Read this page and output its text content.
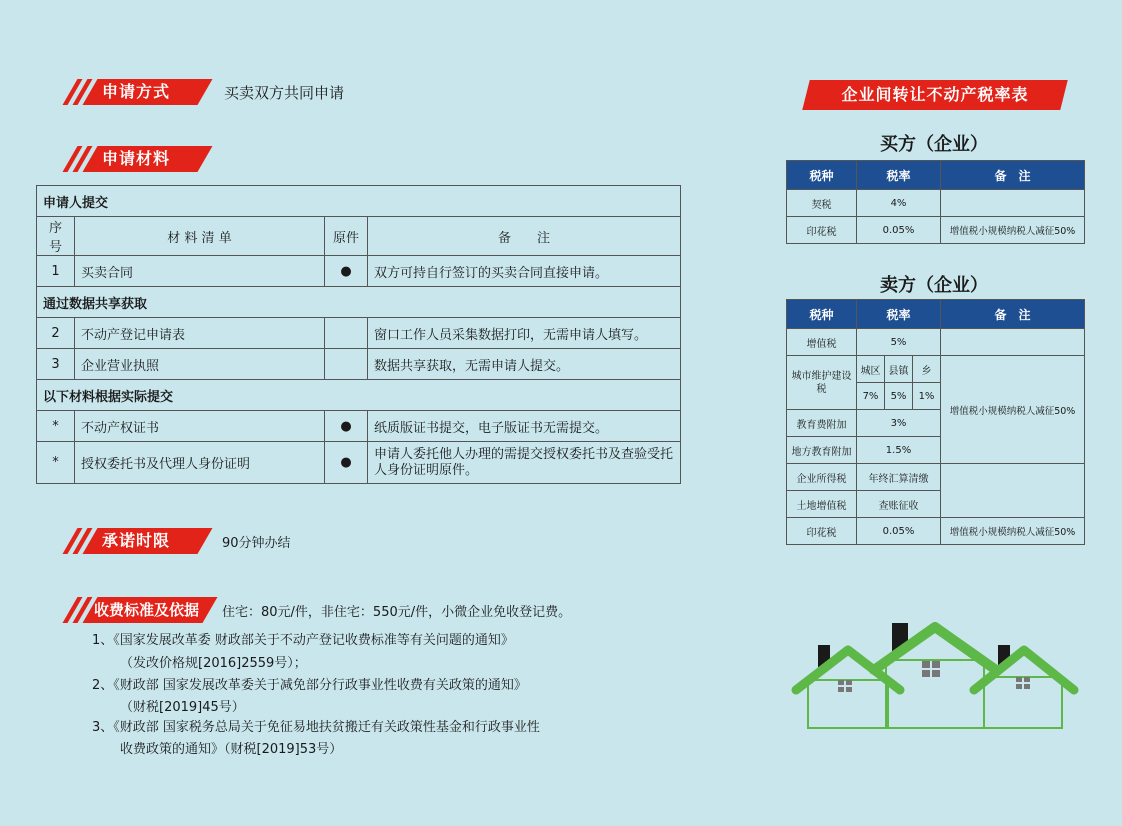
申请方式	买卖双方共同申请
申请材料
申请人提交			
序号	材 料 清 单	原件	备　　注
1	买卖合同	●	双方可持自行签订的买卖合同直接申请。
通过数据共享获取			
2	不动产登记申请表		窗口工作人员采集数据打印，无需申请人填写。
3	企业营业执照		数据共享获取，无需申请人提交。
以下材料根据实际提交			
*	不动产权证书	●	纸质版证书提交，电子版证书无需提交。
*	授权委托书及代理人身份证明	●	申请人委托他人办理的需提交授权委托书及查验受托人身份证明原件。
承诺时限	90分钟办结
收费标准及依据 住宅：80元/件，非住宅：550元/件，小微企业免收登记费。
1、《国家发展改革委 财政部关于不动产登记收费标准等有关问题的通知》
（发改价格规[2016]2559号）；
2、《财政部 国家发展改革委关于减免部分行政事业性收费有关政策的通知》
（财税[2019]45号）
3、《财政部 国家税务总局关于免征易地扶贫搬迁有关政策性基金和行政事业性
收费政策的通知》（财税[2019]53号）
企业间转让不动产税率表
买方（企业）
税种	税率	备　注
契税	4%	
印花税	0.05%	增值税小规模纳税人减征50%
卖方（企业）
税种	税率			备　注
增值税	5%			
城市维护建设税	城区	县镇	乡	增值税小规模纳税人减征50%
	7%	5%	1%	
教育费附加	3%			
地方教育附加	1.5%			
企业所得税	年终汇算清缴			
土地增值税	查账征收			
印花税	0.05%			增值税小规模纳税人减征50%
